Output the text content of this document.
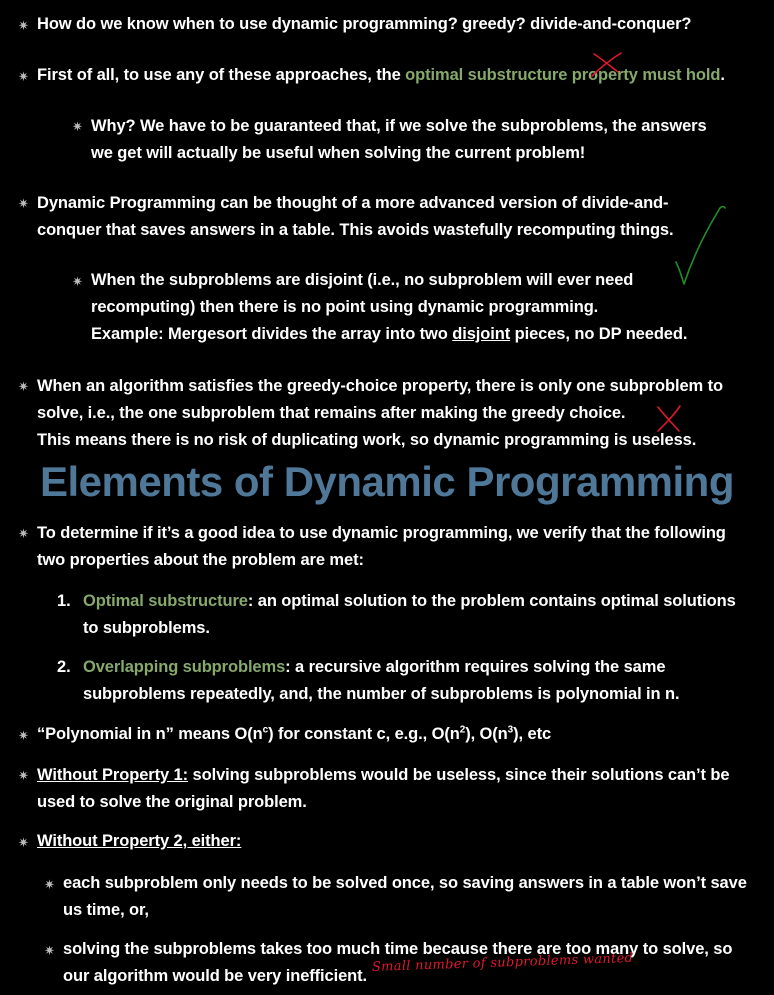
✷
✷
✷
✷
✷
✷
✷
✷
✷
✷
✷
✷
How do we know when to use dynamic programming? greedy? divide-and-conquer?
First of all, to use any of these approaches, the optimal substructure property must hold.
Why? We have to be guaranteed that, if we solve the subproblems, the answers
we get will actually be useful when solving the current problem!
Dynamic Programming can be thought of a more advanced version of divide-and-
conquer that saves answers in a table. This avoids wastefully recomputing things.
When the subproblems are disjoint (i.e., no subproblem will ever need
recomputing) then there is no point using dynamic programming.
Example: Mergesort divides the array into two disjoint pieces, no DP needed.
When an algorithm satisfies the greedy-choice property, there is only one subproblem to
solve, i.e., the one subproblem that remains after making the greedy choice.
This means there is no risk of duplicating work, so dynamic programming is useless.
Elements of Dynamic Programming
To determine if it’s a good idea to use dynamic programming, we verify that the following
two properties about the problem are met:
1. Optimal substructure: an optimal solution to the problem contains optimal solutions
to subproblems.
2. Overlapping subproblems: a recursive algorithm requires solving the same
subproblems repeatedly, and, the number of subproblems is polynomial in n.
“Polynomial in n” means $O(n^c)$ for constant c, e.g., $O(n^2)$, $O(n^3)$, etc
Without Property 1: solving subproblems would be useless, since their solutions can’t be
used to solve the original problem.
Without Property 2, either:
each subproblem only needs to be solved once, so saving answers in a table won’t save
us time, or,
solving the subproblems takes too much time because there are too many to solve, so
our algorithm would be very inefficient.
Small number of subproblems wanted
